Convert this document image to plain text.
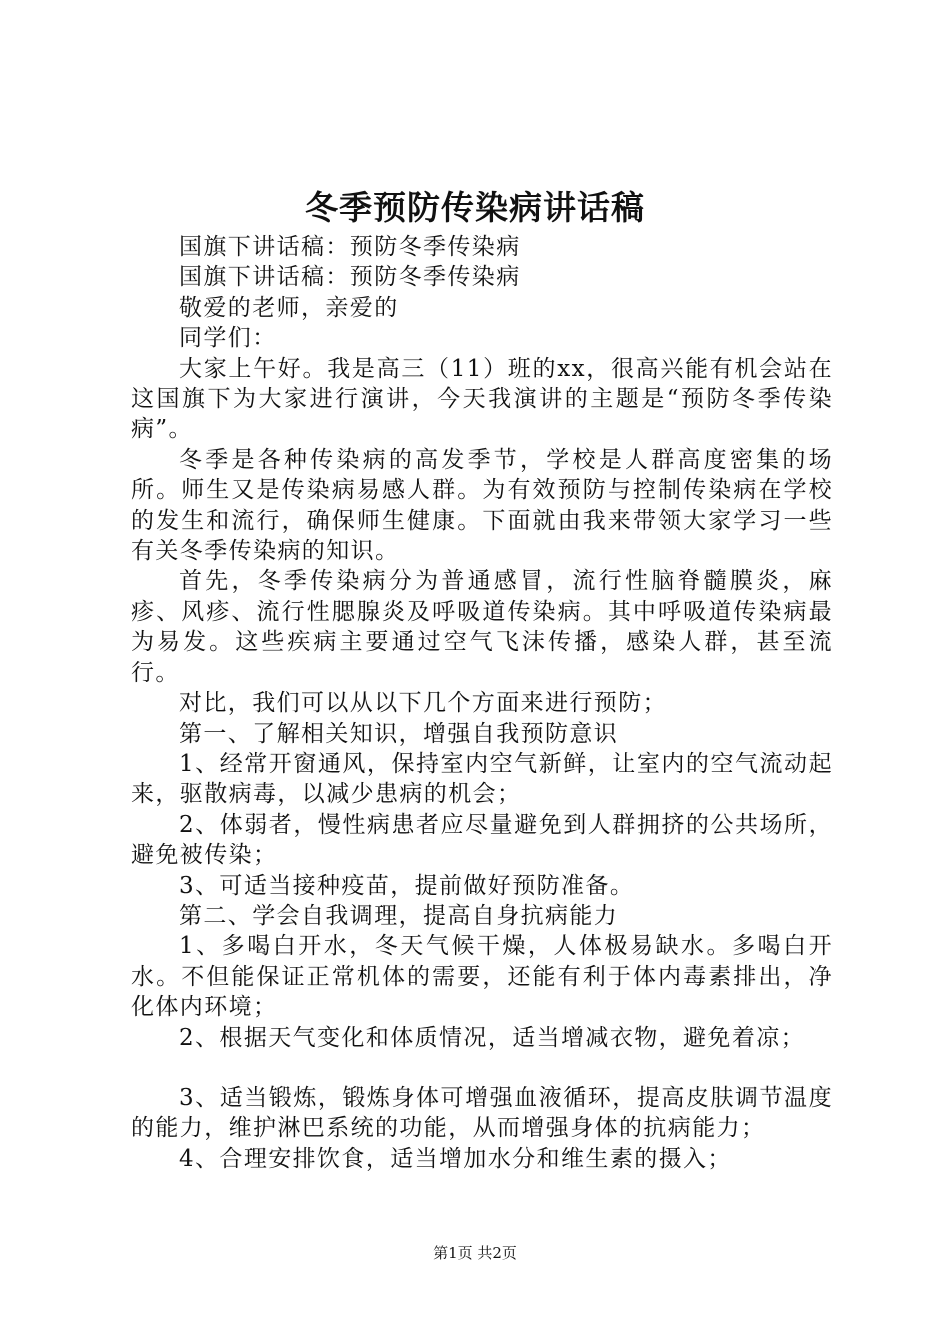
冬季预防传染病讲话稿

国旗下讲话稿：预防冬季传染病

国旗下讲话稿：预防冬季传染病

敬爱的老师，亲爱的

同学们：

大家上午好。我是高三（11）班的xx，很高兴能有机会站在这国旗下为大家进行演讲，今天我演讲的主题是“预防冬季传染病”。

冬季是各种传染病的高发季节，学校是人群高度密集的场所。师生又是传染病易感人群。为有效预防与控制传染病在学校的发生和流行，确保师生健康。下面就由我来带领大家学习一些有关冬季传染病的知识。

首先，冬季传染病分为普通感冒，流行性脑脊髓膜炎，麻疹、风疹、流行性腮腺炎及呼吸道传染病。其中呼吸道传染病最为易发。这些疾病主要通过空气飞沫传播，感染人群，甚至流行。

对比，我们可以从以下几个方面来进行预防；

第一、了解相关知识，增强自我预防意识

1、经常开窗通风，保持室内空气新鲜，让室内的空气流动起来，驱散病毒，以减少患病的机会；

2、体弱者，慢性病患者应尽量避免到人群拥挤的公共场所，避免被传染；

3、可适当接种疫苗，提前做好预防准备。

第二、学会自我调理，提高自身抗病能力

1、多喝白开水，冬天气候干燥，人体极易缺水。多喝白开水。不但能保证正常机体的需要，还能有利于体内毒素排出，净化体内环境；

2、根据天气变化和体质情况，适当增减衣物，避免着凉；

3、适当锻炼，锻炼身体可增强血液循环，提高皮肤调节温度的能力，维护淋巴系统的功能，从而增强身体的抗病能力；

4、合理安排饮食，适当增加水分和维生素的摄入；

第1页 共2页
